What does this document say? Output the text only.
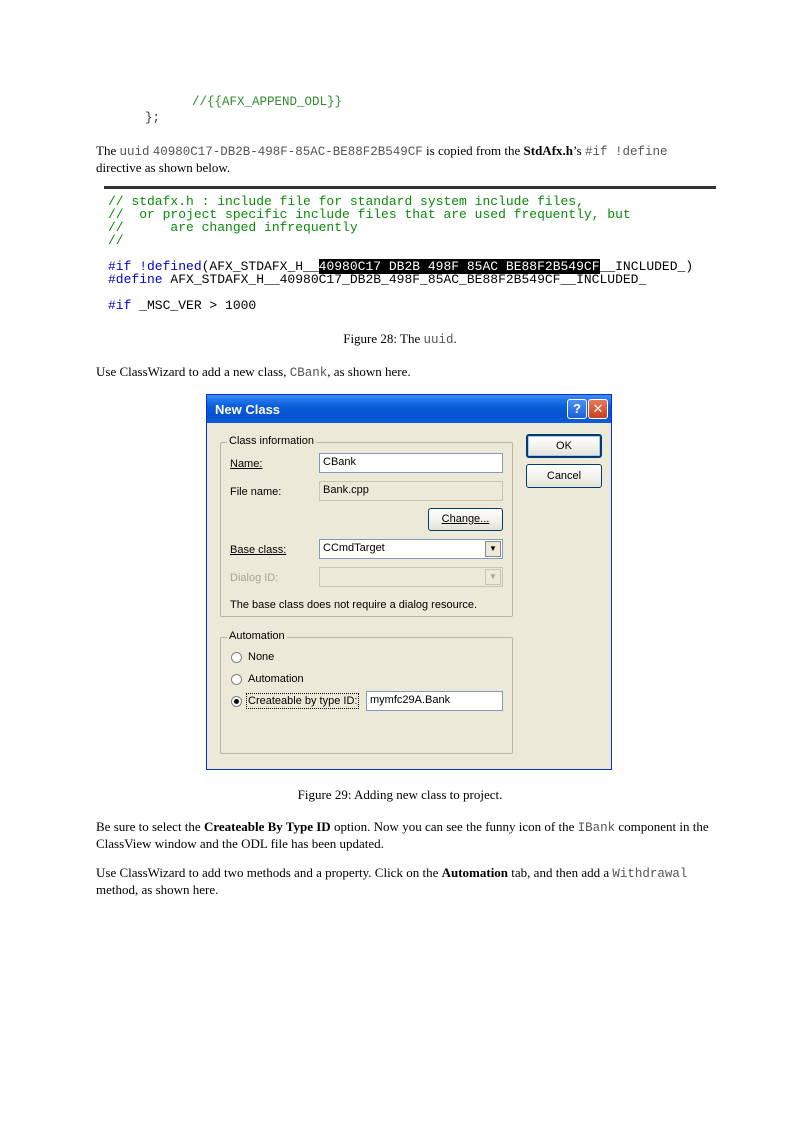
//{{AFX_APPEND_ODL}}
};

The uuid 40980C17-DB2B-498F-85AC-BE88F2B549CF is copied from the StdAfx.h’s #if !define
directive as shown below.

// stdafx.h : include file for standard system include files,
//  or project specific include files that are used frequently, but
//      are changed infrequently
//
#if !defined(AFX_STDAFX_H__40980C17 DB2B 498F 85AC BE88F2B549CF__INCLUDED_)
#define AFX_STDAFX_H__40980C17_DB2B_498F_85AC_BE88F2B549CF__INCLUDED_
#if _MSC_VER > 1000

Figure 28: The uuid.

Use ClassWizard to add a new class, CBank, as shown here.

New Class	? ✕
Class information
Name:	CBank
File name:	Bank.cpp
Change...
Base class:	CCmdTarget	▼
Dialog ID:	▼
The base class does not require a dialog resource.
Automation
None
Automation
Createable by type ID:	mymfc29A.Bank
OK
Cancel

Figure 29: Adding new class to project.

Be sure to select the Createable By Type ID option. Now you can see the funny icon of the IBank component in the ClassView window and the ODL file has been updated.

Use ClassWizard to add two methods and a property. Click on the Automation tab, and then add a Withdrawal method, as shown here.
